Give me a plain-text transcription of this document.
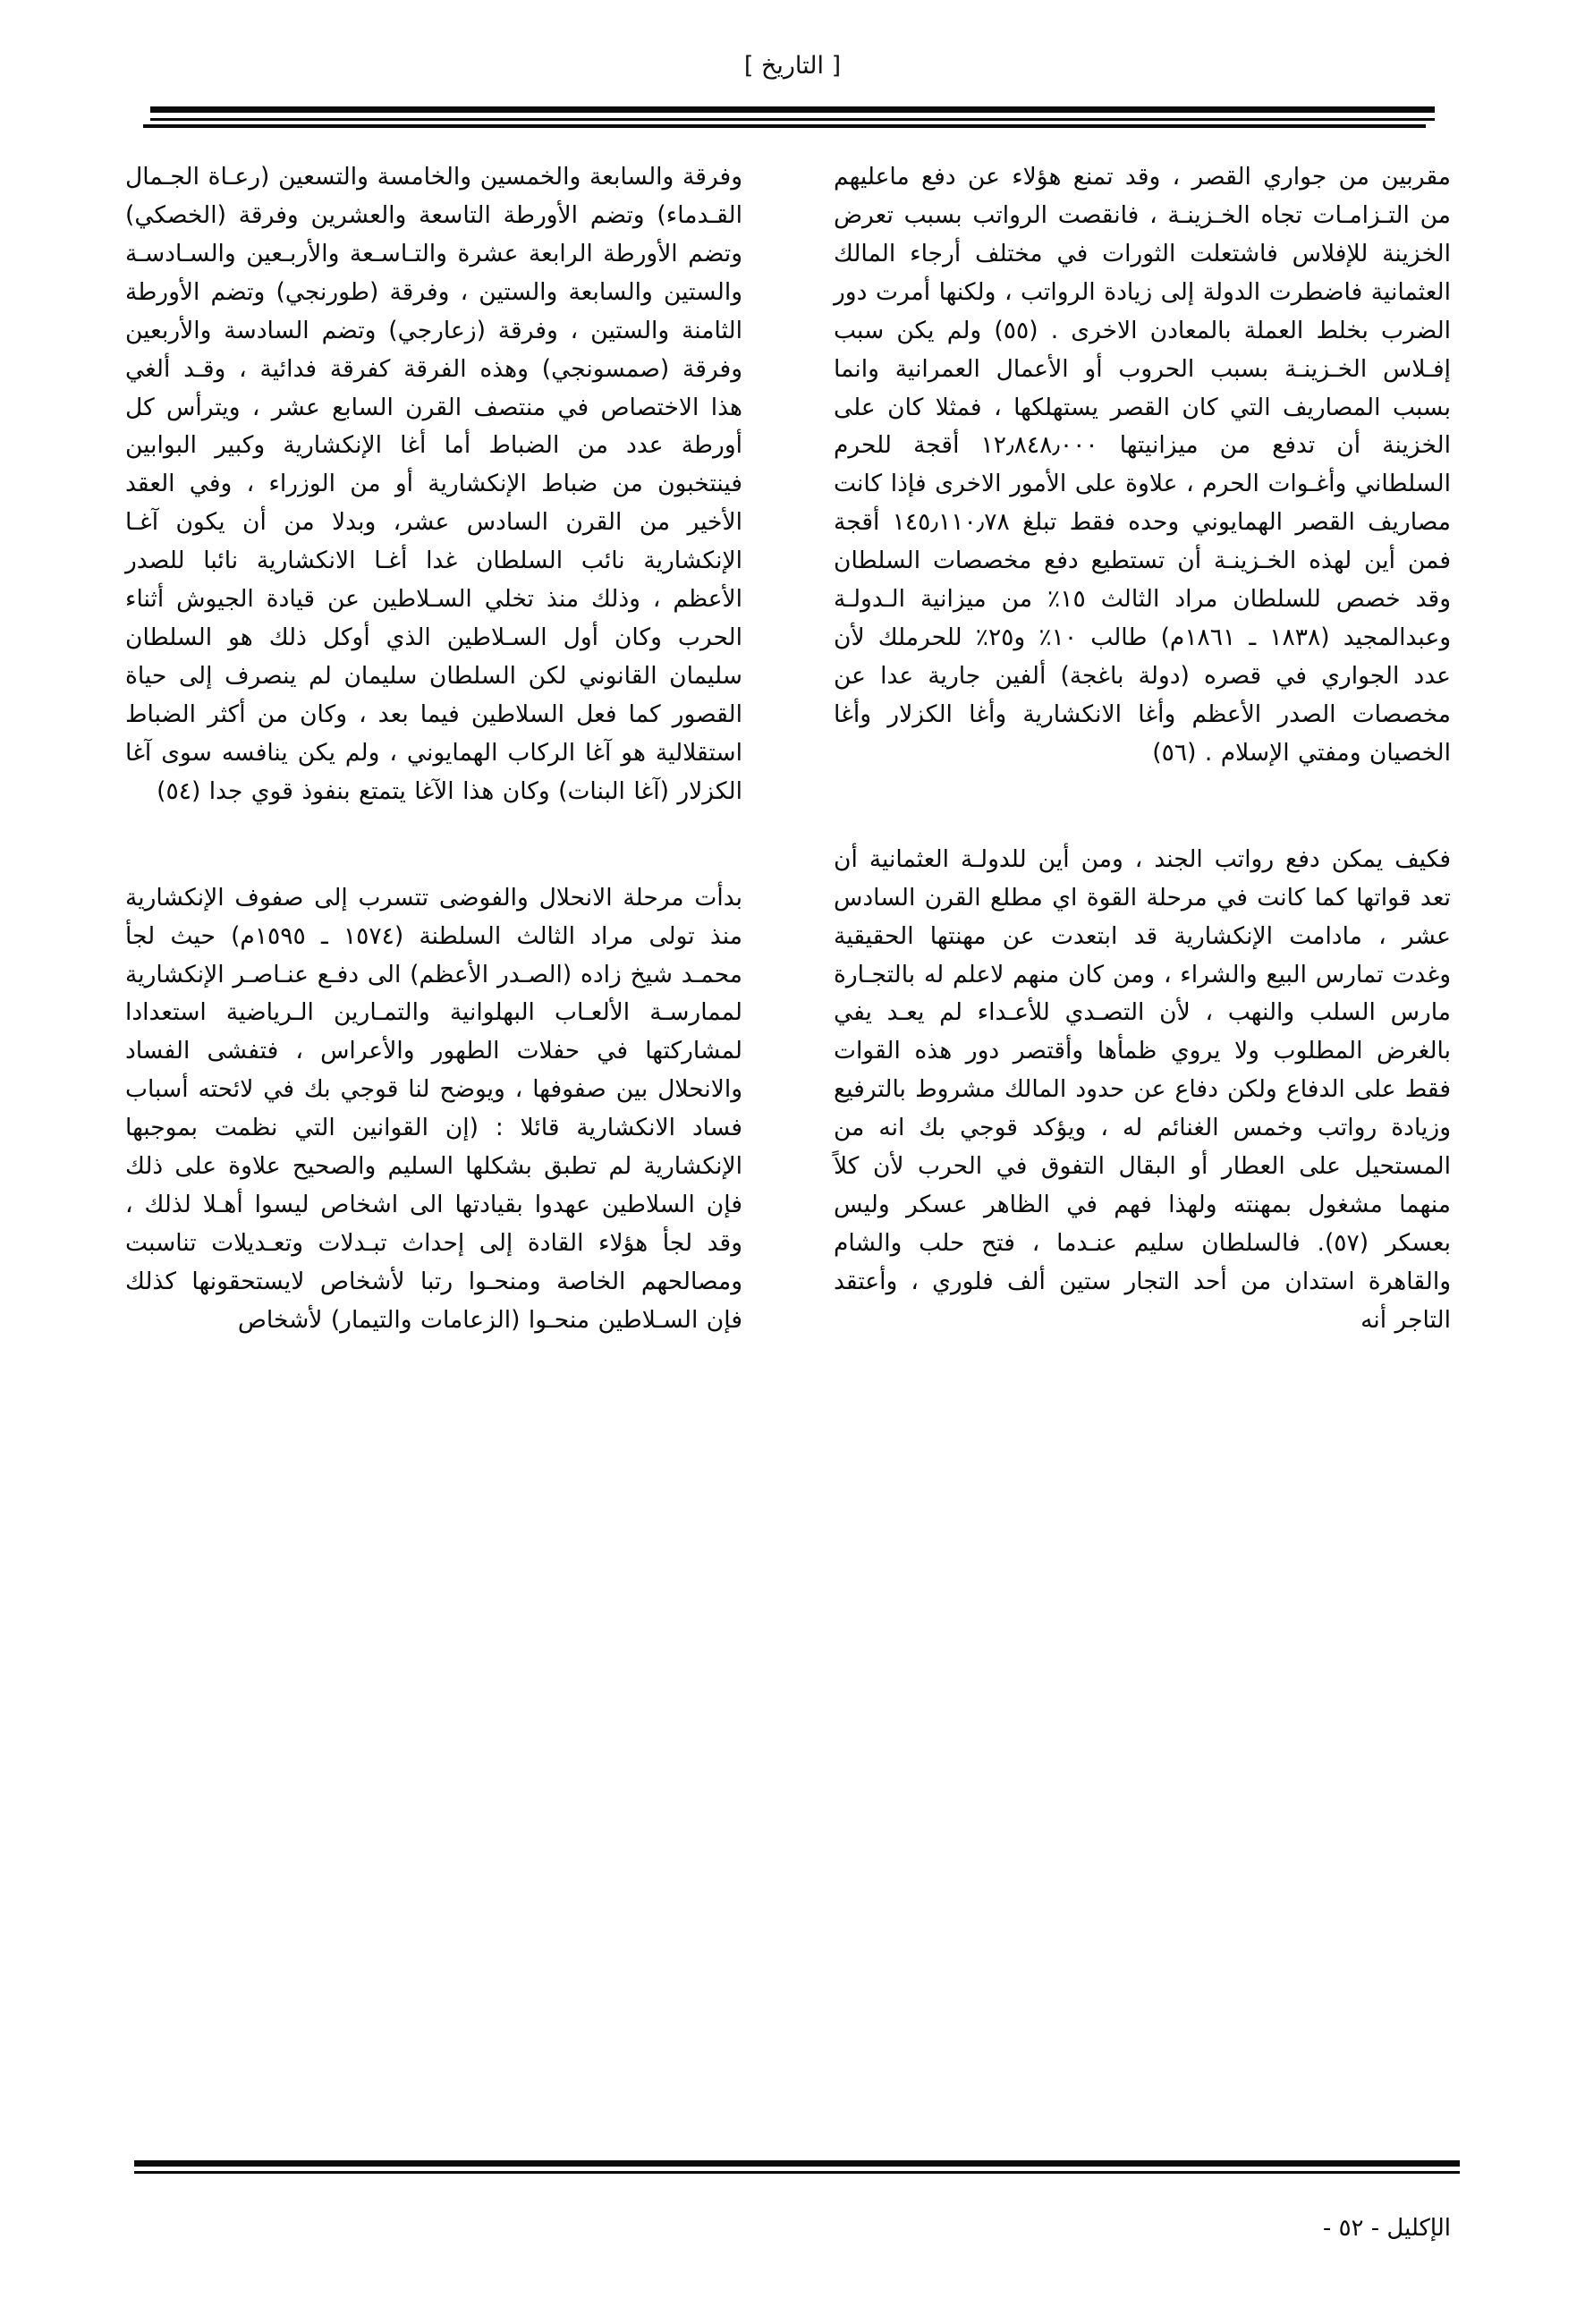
[ التاريخ ]

مقربين من جواري القصر ، وقد تمنع هؤلاء عن دفع ماعليهم من التـزامـات تجاه الخـزينـة ، فانقصت الرواتب بسبب تعرض الخزينة للإفلاس فاشتعلت الثورات في مختلف أرجاء المالك العثمانية فاضطرت الدولة إلى زيادة الرواتب ، ولكنها أمرت دور الضرب بخلط العملة بالمعادن الاخرى . (٥٥) ولم يكن سبب إفـلاس الخـزينـة بسبب الحروب أو الأعمال العمرانية وانما بسبب المصاريف التي كان القصر يستهلكها ، فمثلا كان على الخزينة أن تدفع من ميزانيتها ١٢٫٨٤٨٫٠٠٠ أقجة للحرم السلطاني وأغـوات الحرم ، علاوة على الأمور الاخرى فإذا كانت مصاريف القصر الهمايوني وحده فقط تبلغ ١٤٥٫١١٠٫٧٨ أقجة فمن أين لهذه الخـزينـة أن تستطيع دفع مخصصات السلطان وقد خصص للسلطان مراد الثالث ١٥٪ من ميزانية الـدولـة وعبدالمجيد (١٨٣٨ ـ ١٨٦١م) طالب ١٠٪ و٢٥٪ للحرملك لأن عدد الجواري في قصره (دولة باغجة) ألفين جارية عدا عن مخصصات الصدر الأعظم وأغا الانكشارية وأغا الكزلار وأغا الخصيان ومفتي الإسلام . (٥٦)

فكيف يمكن دفع رواتب الجند ، ومن أين للدولـة العثمانية أن تعد قواتها كما كانت في مرحلة القوة اي مطلع القرن السادس عشر ، مادامت الإنكشارية قد ابتعدت عن مهنتها الحقيقية وغدت تمارس البيع والشراء ، ومن كان منهم لاعلم له بالتجـارة مارس السلب والنهب ، لأن التصـدي للأعـداء لم يعـد يفي بالغرض المطلوب ولا يروي ظمأها وأقتصر دور هذه القوات فقط على الدفاع ولكن دفاع عن حدود المالك مشروط بالترفيع وزيادة رواتب وخمس الغنائم له ، ويؤكد قوجي بك انه من المستحيل على العطار أو البقال التفوق في الحرب لأن كلاً منهما مشغول بمهنته ولهذا فهم في الظاهر عسكر وليس بعسكر (٥٧). فالسلطان سليم عنـدما ، فتح حلب والشام والقاهرة استدان من أحد التجار ستين ألف فلوري ، وأعتقد التاجر أنه

وفرقة والسابعة والخمسين والخامسة والتسعين (رعـاة الجـمال القـدماء) وتضم الأورطة التاسعة والعشرين وفرقة (الخصكي) وتضم الأورطة الرابعة عشرة والتـاسـعة والأربـعين والسـادسـة والستين والسابعة والستين ، وفرقة (طورنجي) وتضم الأورطة الثامنة والستين ، وفرقة (زعارجي) وتضم السادسة والأربعين وفرقة (صمسونجي) وهذه الفرقة كفرقة فدائية ، وقـد ألغي هذا الاختصاص في منتصف القرن السابع عشر ، ويترأس كل أورطة عدد من الضباط أما أغا الإنكشارية وكبير البوابين فينتخبون من ضباط الإنكشارية أو من الوزراء ، وفي العقد الأخير من القرن السادس عشر، وبدلا من أن يكون آغـا الإنكشارية نائب السلطان غدا أغـا الانكشارية نائبا للصدر الأعظم ، وذلك منذ تخلي السـلاطين عن قيادة الجيوش أثناء الحرب وكان أول السـلاطين الذي أوكل ذلك هو السلطان سليمان القانوني لكن السلطان سليمان لم ينصرف إلى حياة القصور كما فعل السلاطين فيما بعد ، وكان من أكثر الضباط استقلالية هو آغا الركاب الهمايوني ، ولم يكن ينافسه سوى آغا الكزلار (آغا البنات) وكان هذا الآغا يتمتع بنفوذ قوي جدا (٥٤)

بدأت مرحلة الانحلال والفوضى تتسرب إلى صفوف الإنكشارية منذ تولى مراد الثالث السلطنة (١٥٧٤ ـ ١٥٩٥م) حيث لجأ محمـد شيخ زاده (الصـدر الأعظم) الى دفـع عنـاصـر الإنكشارية لممارسـة الألعـاب البهلوانية والتمـارين الـرياضية استعدادا لمشاركتها في حفلات الطهور والأعراس ، فتفشى الفساد والانحلال بين صفوفها ، ويوضح لنا قوجي بك في لائحته أسباب فساد الانكشارية قائلا : (إن القوانين التي نظمت بموجبها الإنكشارية لم تطبق بشكلها السليم والصحيح علاوة على ذلك فإن السلاطين عهدوا بقيادتها الى اشخاص ليسوا أهـلا لذلك ، وقد لجأ هؤلاء القادة إلى إحداث تبـدلات وتعـديلات تناسبت ومصالحهم الخاصة ومنحـوا رتبا لأشخاص لايستحقونها كذلك فإن السـلاطين منحـوا (الزعامات والتيمار) لأشخاص

الإكليل - ٥٢ -
